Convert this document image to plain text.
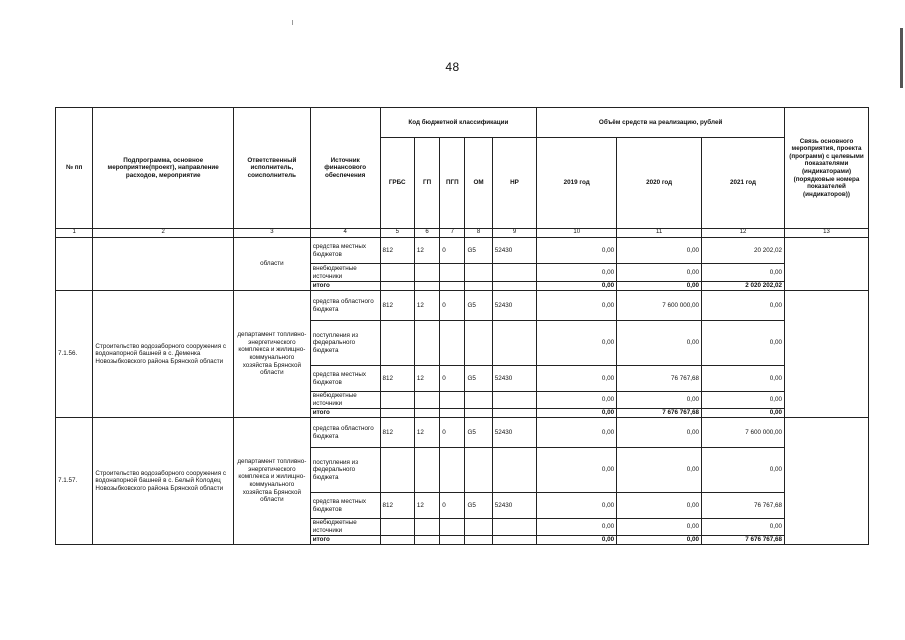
48
№ пп	Подпрограмма, основное мероприятие(проект), направление расходов, мероприятие	Ответственный исполнитель, соисполнитель	Источник финансового обеспечения	Код бюджетной классификации					Объём средств на реализацию, рублей			Связь основного мероприятия, проекта (программ) с целевыми показателями (индикаторами) (порядковые номера показателей (индикаторов))
				ГРБС	ГП	ПГП	ОМ	НР	2019 год	2020 год	2021 год	
1	2	3	4	5	6	7	8	9	10	11	12	13
		области	средства местных бюджетов	812	12	0	G5	52430	0,00	0,00	20 202,02	
			внебюджетные источники						0,00	0,00	0,00	
			итого						0,00	0,00	2 020 202,02	
7.1.56.	Строительство водозаборного сооружения с водонапорной башней в с. Деменка Новозыбковского района Брянской области	департамент топливно-энергетического комплекса и жилищно-коммунального хозяйства Брянской области	средства областного бюджета	812	12	0	G5	52430	0,00	7 600 000,00	0,00	
			поступления из федерального бюджета						0,00	0,00	0,00	
			средства местных бюджетов	812	12	0	G5	52430	0,00	76 767,68	0,00	
			внебюджетные источники						0,00	0,00	0,00	
			итого						0,00	7 676 767,68	0,00	
7.1.57.	Строительство водозаборного сооружения с водонапорной башней в с. Белый Колодец Новозыбковского района Брянской области	департамент топливно-энергетического комплекса и жилищно-коммунального хозяйства Брянской области	средства областного бюджета	812	12	0	G5	52430	0,00	0,00	7 600 000,00	
			поступления из федерального бюджета						0,00	0,00	0,00	
			средства местных бюджетов	812	12	0	G5	52430	0,00	0,00	76 767,68	
			внебюджетные источники						0,00	0,00	0,00	
			итого						0,00	0,00	7 676 767,68	
